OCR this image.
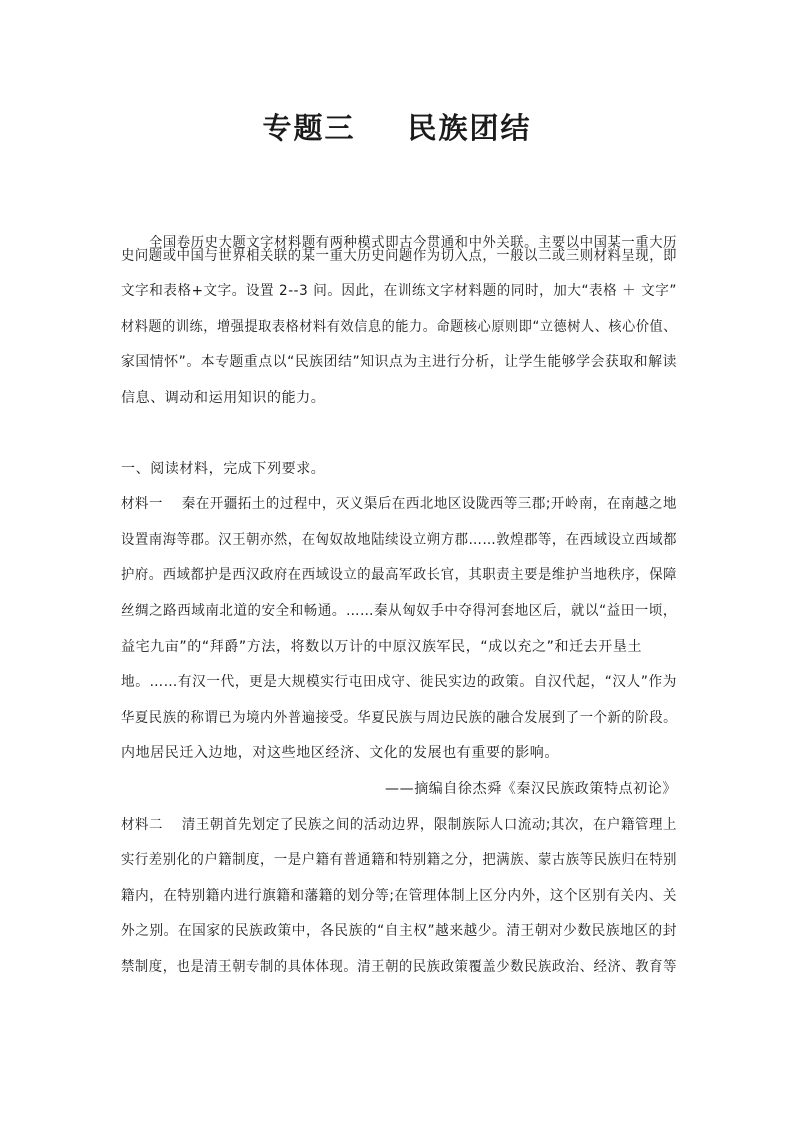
专题三 民族团结
全国卷历史大题文字材料题有两种模式即古今贯通和中外关联。主要以中国某一重大历
史问题或中国与世界相关联的某一重大历史问题作为切入点，一般以二或三则材料呈现，即
文字和表格+文字。设置 2--3 问。因此，在训练文字材料题的同时，加大“表格 ＋ 文字”
材料题的训练，增强提取表格材料有效信息的能力。命题核心原则即“立德树人、核心价值、
家国情怀”。本专题重点以“民族团结”知识点为主进行分析，让学生能够学会获取和解读
信息、调动和运用知识的能力。
一、阅读材料，完成下列要求。
材料一　 秦在开疆拓土的过程中，灭义渠后在西北地区设陇西等三郡;开岭南，在南越之地
设置南海等郡。汉王朝亦然，在匈奴故地陆续设立朔方郡……敦煌郡等，在西域设立西域都
护府。西域都护是西汉政府在西域设立的最高军政长官，其职责主要是维护当地秩序，保障
丝绸之路西域南北道的安全和畅通。……秦从匈奴手中夺得河套地区后，就以“益田一顷，
益宅九亩”的“拜爵”方法，将数以万计的中原汉族军民，“成以充之”和迁去开垦土
地。……有汉一代，更是大规模实行屯田戍守、徙民实边的政策。自汉代起，“汉人”作为
华夏民族的称谓已为境内外普遍接受。华夏民族与周边民族的融合发展到了一个新的阶段。
内地居民迁入边地，对这些地区经济、文化的发展也有重要的影响。
——摘编自徐杰舜《秦汉民族政策特点初论》
材料二　 清王朝首先划定了民族之间的活动边界，限制族际人口流动;其次，在户籍管理上
实行差别化的户籍制度，一是户籍有普通籍和特别籍之分，把满族、蒙古族等民族归在特别
籍内，在特别籍内进行旗籍和藩籍的划分等;在管理体制上区分内外，这个区别有关内、关
外之别。在国家的民族政策中，各民族的“自主权”越来越少。清王朝对少数民族地区的封
禁制度，也是清王朝专制的具体体现。清王朝的民族政策覆盖少数民族政治、经济、教育等
